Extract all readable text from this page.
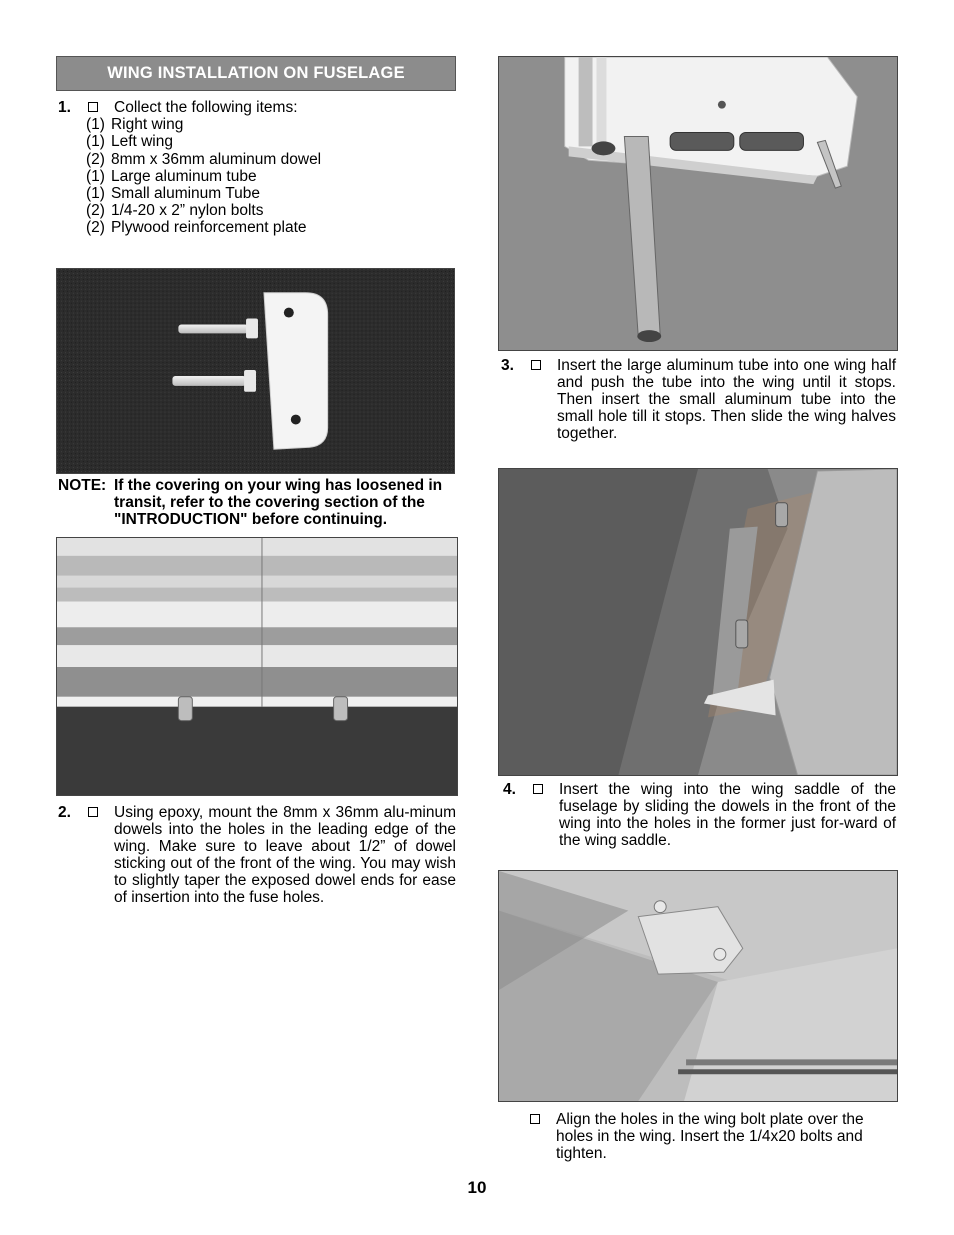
WING INSTALLATION ON FUSELAGE
1.	Collect the following items:
(1) Right wing
(1) Left wing
(2) 8mm x 36mm aluminum dowel
(1) Large aluminum tube
(1) Small aluminum Tube
(2) 1/4-20 x 2” nylon bolts
(2) Plywood reinforcement plate
NOTE: If the covering on your wing has loosened in transit, refer to the covering section of the "INTRODUCTION" before continuing.
2.	Using epoxy, mount the 8mm x 36mm alu-minum dowels into the holes in the leading edge of the wing. Make sure to leave about 1/2” of dowel sticking out of the front of the wing. You may wish to slightly taper the exposed dowel ends for ease of insertion into the fuse holes.
3.	Insert the large aluminum tube into one wing half and push the tube into the wing until it stops. Then insert the small aluminum tube into the small hole till it stops. Then slide the wing halves together.
4.	Insert the wing into the wing saddle of the fuselage by sliding the dowels in the front of the wing into the holes in the former just for-ward of the wing saddle.
Align the holes in the wing bolt plate over the holes in the wing. Insert the 1/4x20 bolts and tighten.
10
